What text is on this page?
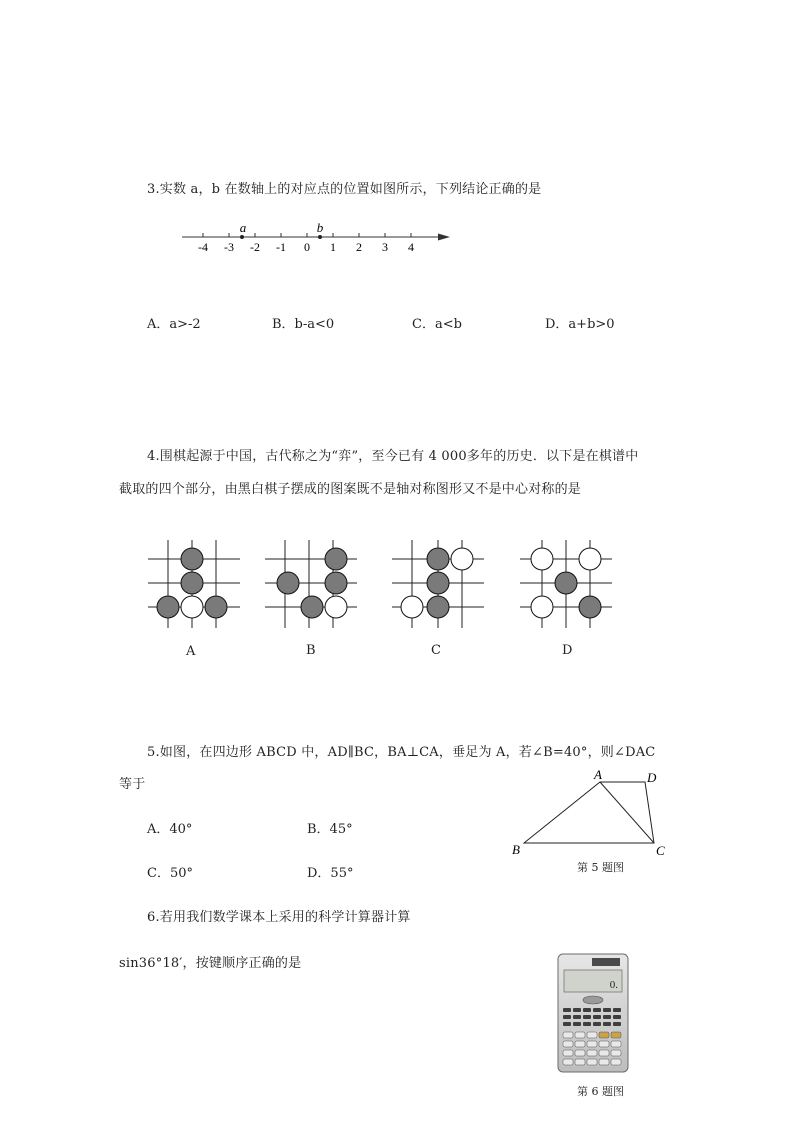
3.实数 a，b 在数轴上的对应点的位置如图所示，下列结论正确的是
-4 -3 -2 -1 0 1 2 3 4
a	b
A．a>-2	B．b-a<0	C．a<b	D．a+b>0
4.围棋起源于中国，古代称之为“弈”，至今已有 4 000多年的历史．以下是在棋谱中
截取的四个部分，由黑白棋子摆成的图案既不是轴对称图形又不是中心对称的是
A	B	C	D
5.如图，在四边形 ABCD 中，AD∥BC，BA⊥CA，垂足为 A，若∠B=40°，则∠DAC
等于
A．40°	B．45°
C．50°	D．55°
A	D
B	C
第 5 题图
6.若用我们数学课本上采用的科学计算器计算
sin36°18′，按键顺序正确的是
0.
第 6 题图
